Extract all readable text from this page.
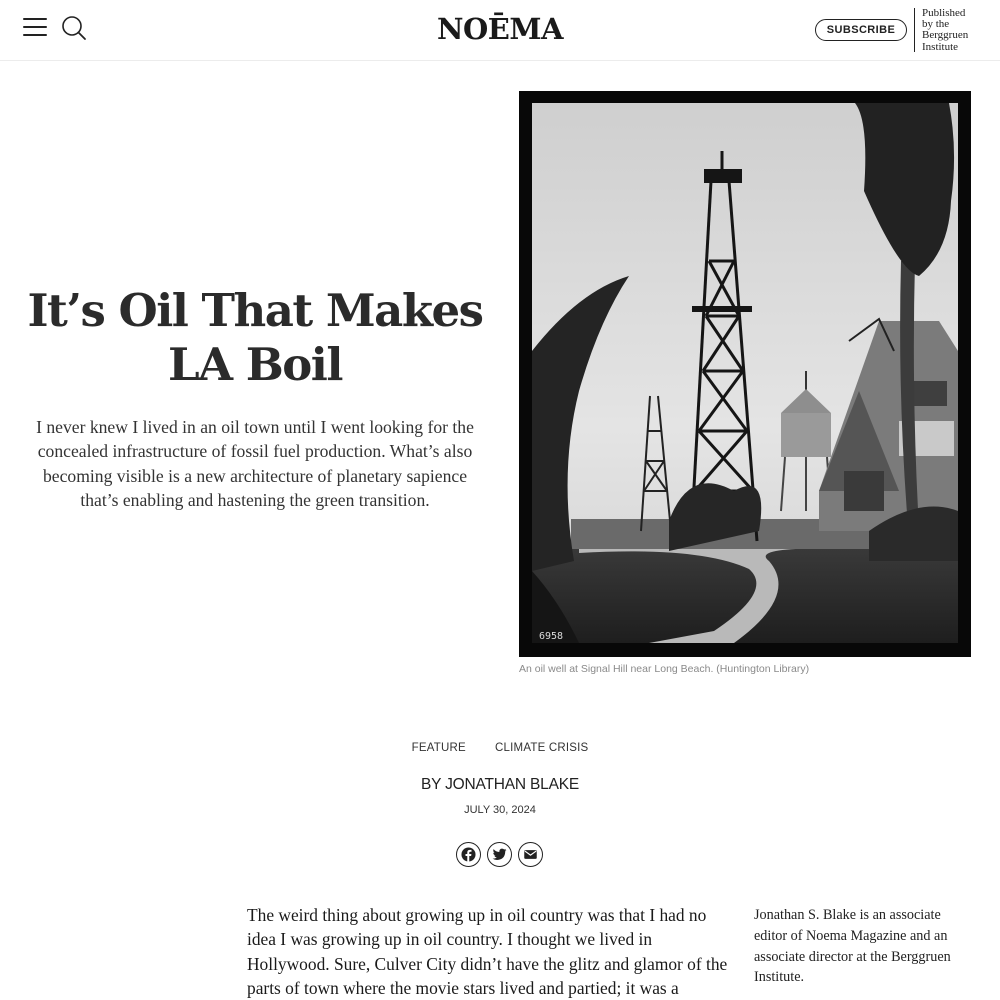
NOĒMA	SUBSCRIBE
Published
by the
Berggruen
Institute
It’s Oil That Makes LA Boil

I never knew I lived in an oil town until I went looking for the concealed infrastructure of fossil fuel production. What’s also becoming visible is a new architecture of planetary sapience that’s enabling and hastening the green transition.

6958
An oil well at Signal Hill near Long Beach. (Huntington Library)
FEATURE	CLIMATE CRISIS
BY JONATHAN BLAKE
JULY 30, 2024

The weird thing about growing up in oil country was that I had no idea I was growing up in oil country. I thought we lived in Hollywood. Sure, Culver City didn’t have the glitz and glamor of the parts of town where the movie stars lived and partied; it was a

Jonathan S. Blake is an associate editor of Noema Magazine and an associate director at the Berggruen Institute.
